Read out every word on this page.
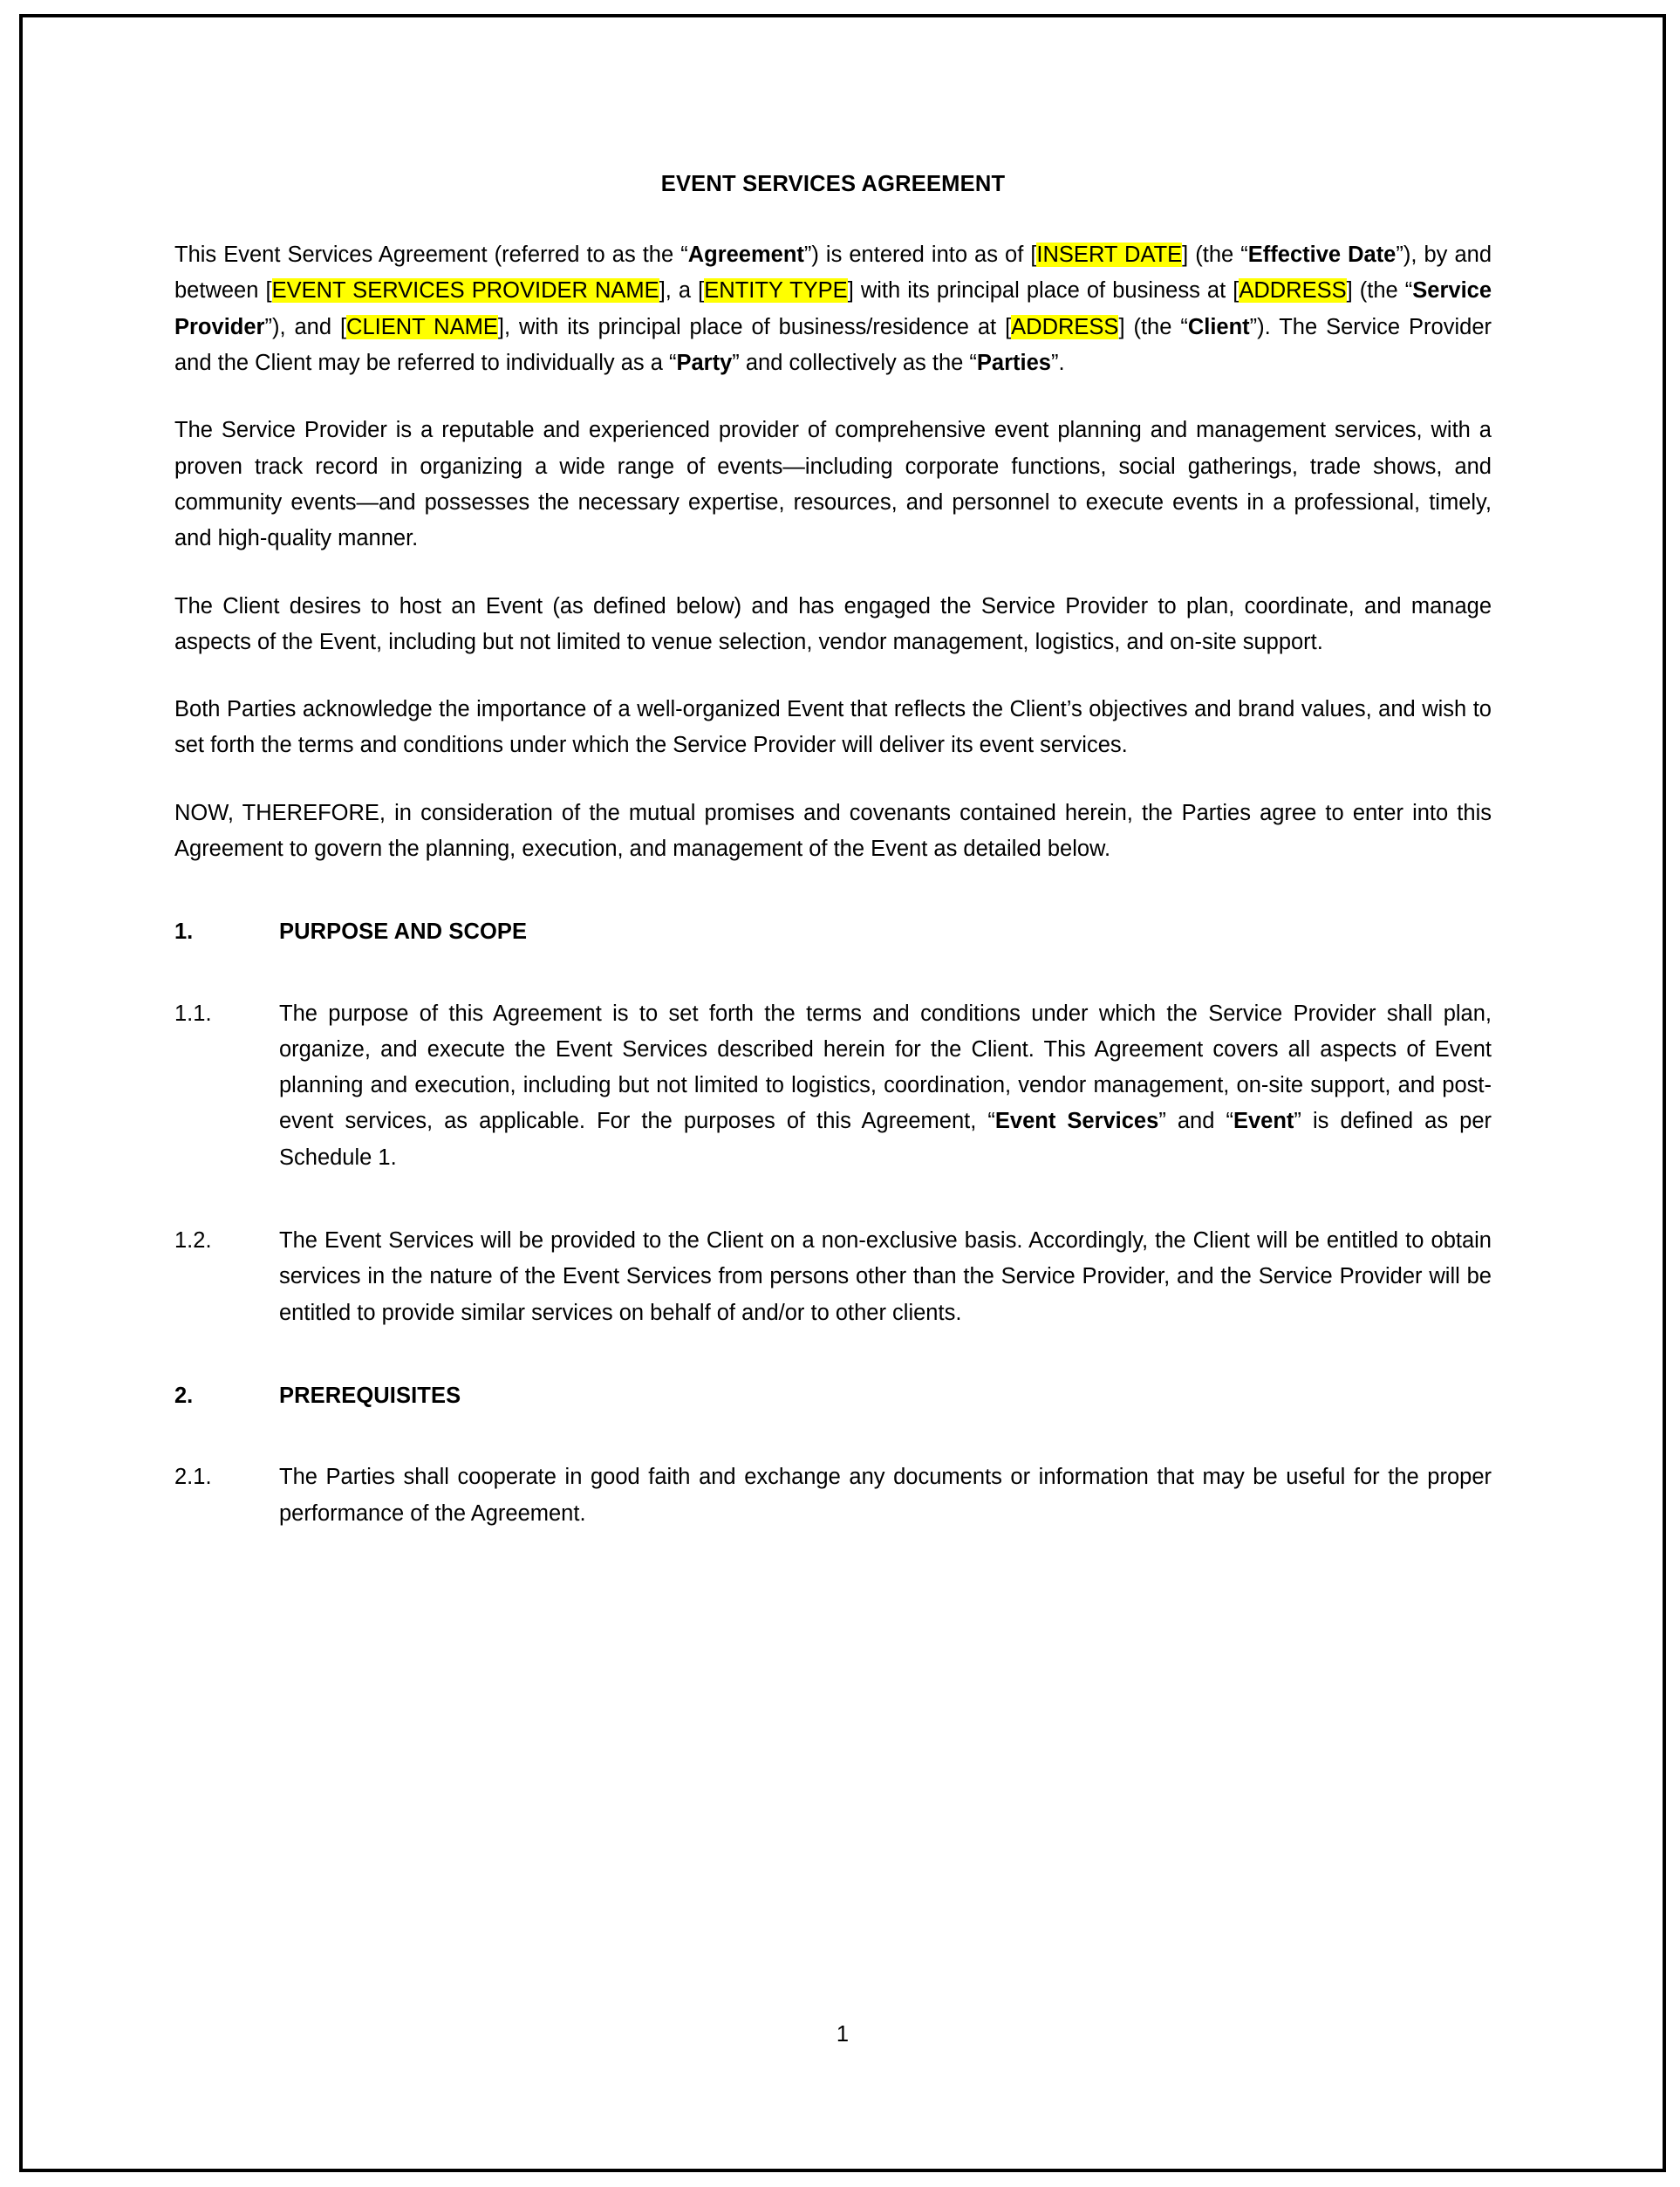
EVENT SERVICES AGREEMENT

This Event Services Agreement (referred to as the “Agreement”) is entered into as of [INSERT DATE] (the “Effective Date”), by and between [EVENT SERVICES PROVIDER NAME], a [ENTITY TYPE] with its principal place of business at [ADDRESS] (the “Service Provider”), and [CLIENT NAME], with its principal place of business/residence at [ADDRESS] (the “Client”). The Service Provider and the Client may be referred to individually as a “Party” and collectively as the “Parties”.

The Service Provider is a reputable and experienced provider of comprehensive event planning and management services, with a proven track record in organizing a wide range of events—including corporate functions, social gatherings, trade shows, and community events—and possesses the necessary expertise, resources, and personnel to execute events in a professional, timely, and high-quality manner.

The Client desires to host an Event (as defined below) and has engaged the Service Provider to plan, coordinate, and manage aspects of the Event, including but not limited to venue selection, vendor management, logistics, and on-site support.

Both Parties acknowledge the importance of a well-organized Event that reflects the Client’s objectives and brand values, and wish to set forth the terms and conditions under which the Service Provider will deliver its event services.

NOW, THEREFORE, in consideration of the mutual promises and covenants contained herein, the Parties agree to enter into this Agreement to govern the planning, execution, and management of the Event as detailed below.

1.	PURPOSE AND SCOPE
1.1.	The purpose of this Agreement is to set forth the terms and conditions under which the Service Provider shall plan, organize, and execute the Event Services described herein for the Client. This Agreement covers all aspects of Event planning and execution, including but not limited to logistics, coordination, vendor management, on-site support, and post-event services, as applicable. For the purposes of this Agreement, “Event Services” and “Event” is defined as per Schedule 1.
1.2.	The Event Services will be provided to the Client on a non-exclusive basis. Accordingly, the Client will be entitled to obtain services in the nature of the Event Services from persons other than the Service Provider, and the Service Provider will be entitled to provide similar services on behalf of and/or to other clients.
2.	PREREQUISITES
2.1.	The Parties shall cooperate in good faith and exchange any documents or information that may be useful for the proper performance of the Agreement.
1
